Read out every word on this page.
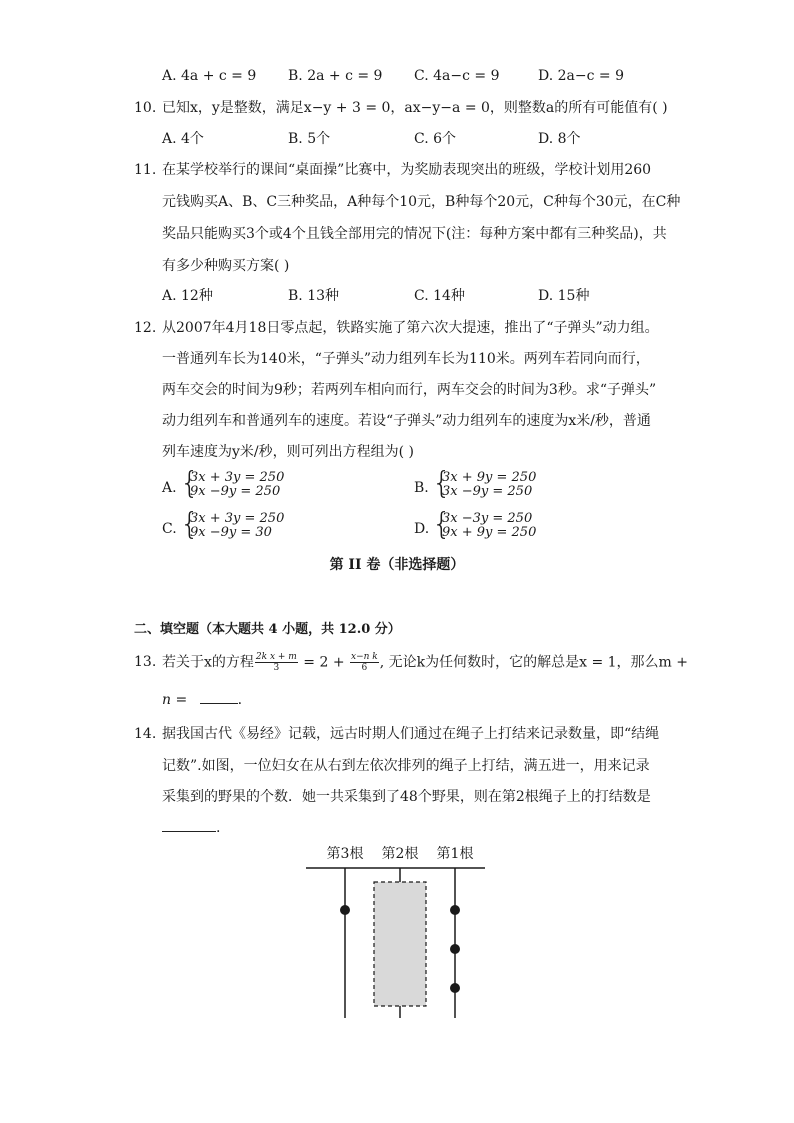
A. 4a + c = 9 B. 2a + c = 9 C. 4a−c = 9	D. 2a−c = 9
10. 已知x，y是整数，满足x−y + 3 = 0，ax−y−a = 0，则整数a的所有可能值有( )
A. 4个	B. 5个	C. 6个	D. 8个
11. 在某学校举行的课间“桌面操”比赛中，为奖励表现突出的班级，学校计划用260
元钱购买A、B、C三种奖品，A种每个10元，B种每个20元，C种每个30元，在C种
奖品只能购买3个或4个且钱全部用完的情况下(注：每种方案中都有三种奖品)，共
有多少种购买方案( )
A. 12种	B. 13种	C. 14种	D. 15种
12. 从2007年4月18日零点起，铁路实施了第六次大提速，推出了“子弹头”动力组。
一普通列车长为140米，“子弹头”动力组列车长为110米。两列车若同向而行，
两车交会的时间为9秒；若两列车相向而行，两车交会的时间为3秒。求“子弹头”
动力组列车和普通列车的速度。若设“子弹头”动力组列车的速度为x米/秒，普通
列车速度为y米/秒，则可列出方程组为( )
A. {
3x + 3y = 250
9x −9y = 250	B. {
3x + 9y = 250
3x −9y = 250
C. {
3x + 3y = 250
9x −9y = 30	D. {
3x −3y = 250
9x + 9y = 250
第 II 卷（非选择题）
二、填空题（本大题共 4 小题，共 12.0 分）
13. 若关于x的方程 $\frac{\text{2k x + m}}{3} = 2 + \frac{\text{x−n k}}{6}$ , 无论k为任何数时，它的解总是x = 1，那么m +
n =	.
14. 据我国古代《易经》记载，远古时期人们通过在绳子上打结来记录数量，即“结绳
记数”.如图，一位妇女在从右到左依次排列的绳子上打结，满五进一，用来记录
采集到的野果的个数．她一共采集到了48个野果，则在第2根绳子上的打结数是
.
第3根 第2根 第1根
